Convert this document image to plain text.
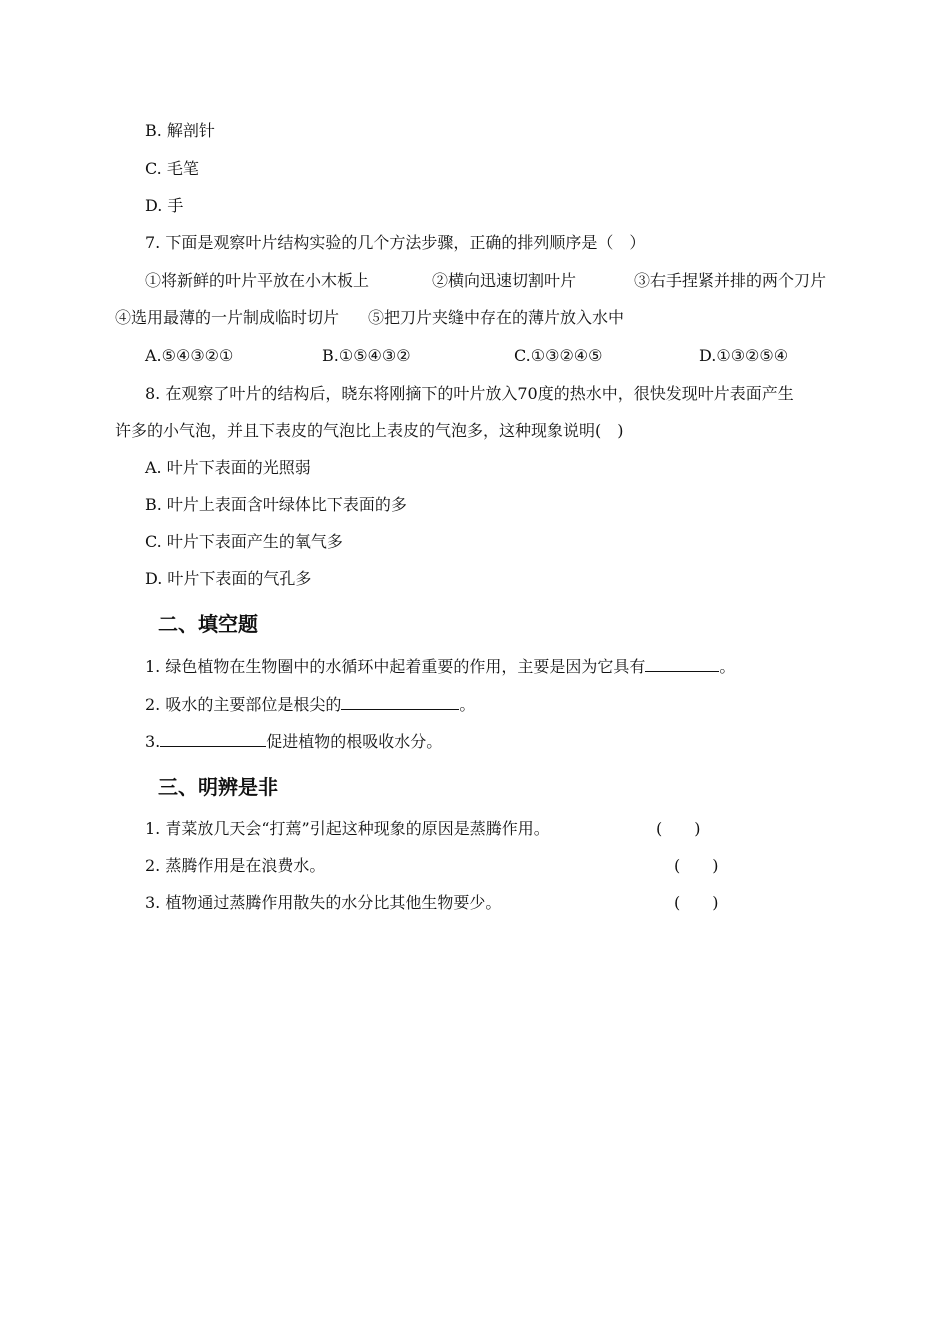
B. 解剖针
C. 毛笔
D. 手
7. 下面是观察叶片结构实验的几个方法步骤，正确的排列顺序是（　）
①将新鲜的叶片平放在小木板上	②横向迅速切割叶片	③右手捏紧并排的两个刀片
④选用最薄的一片制成临时切片 ⑤把刀片夹缝中存在的薄片放入水中
A.⑤④③②①	B.①⑤④③②	C.①③②④⑤	D.①③②⑤④
8. 在观察了叶片的结构后，晓东将刚摘下的叶片放入70度的热水中，很快发现叶片表面产生
许多的小气泡，并且下表皮的气泡比上表皮的气泡多，这种现象说明(　)
A. 叶片下表面的光照弱
B. 叶片上表面含叶绿体比下表面的多
C. 叶片下表面产生的氧气多
D. 叶片下表面的气孔多
二、填空题
1. 绿色植物在生物圈中的水循环中起着重要的作用，主要是因为它具有	。
2. 吸水的主要部位是根尖的	。
3.	促进植物的根吸收水分。
三、明辨是非
1. 青菜放几天会“打蔫”引起这种现象的原因是蒸腾作用。	(　　)
2. 蒸腾作用是在浪费水。	(　　)
3. 植物通过蒸腾作用散失的水分比其他生物要少。	(　　)
